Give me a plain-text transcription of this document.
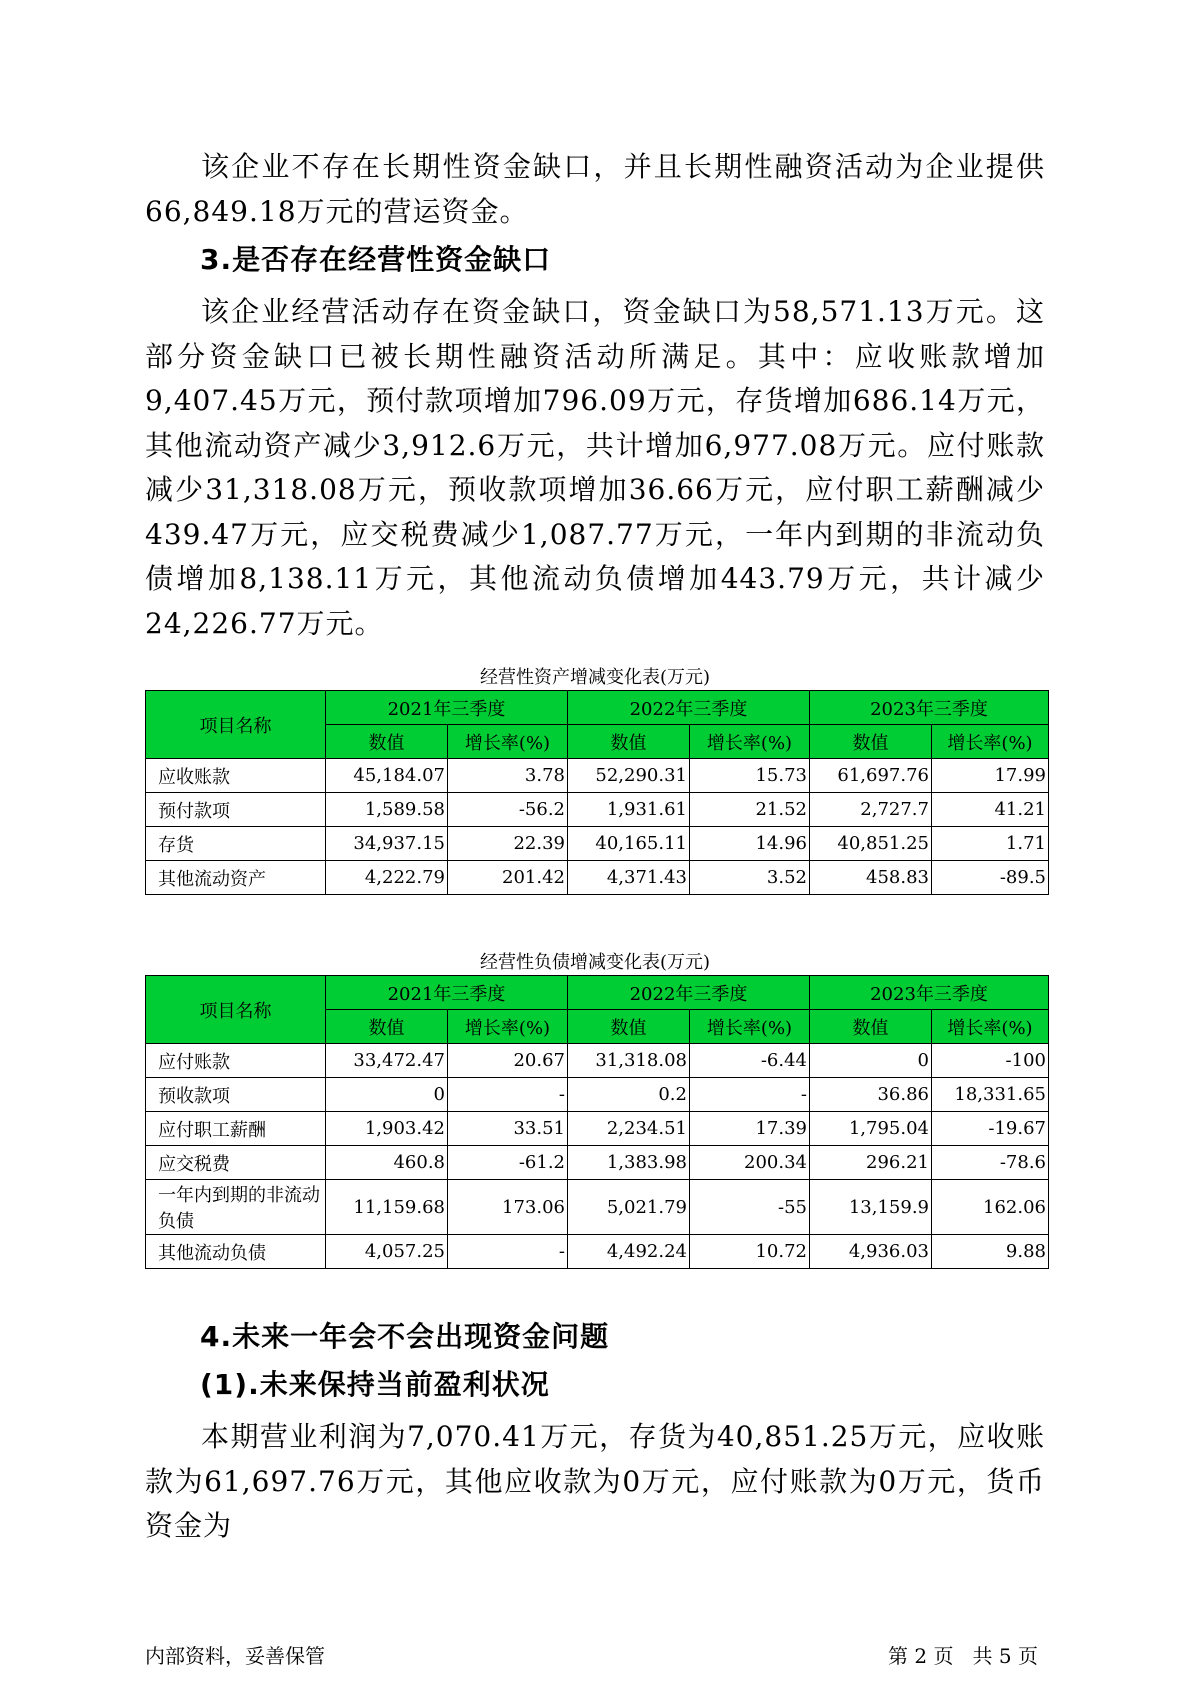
该企业不存在长期性资金缺口，并且长期性融资活动为企业提供66,849.18万元的营运资金。

3.是否存在经营性资金缺口

该企业经营活动存在资金缺口，资金缺口为58,571.13万元。这部分资金缺口已被长期性融资活动所满足。其中：应收账款增加9,407.45万元，预付款项增加796.09万元，存货增加686.14万元，其他流动资产减少3,912.6万元，共计增加6,977.08万元。应付账款减少31,318.08万元，预收款项增加36.66万元，应付职工薪酬减少439.47万元，应交税费减少1,087.77万元，一年内到期的非流动负债增加8,138.11万元，其他流动负债增加443.79万元，共计减少24,226.77万元。

经营性资产增减变化表(万元)
项目名称	2021年三季度		2022年三季度		2023年三季度	
	数值	增长率(%)	数值	增长率(%)	数值	增长率(%)
应收账款	45,184.07	3.78	52,290.31	15.73	61,697.76	17.99
预付款项	1,589.58	-56.2	1,931.61	21.52	2,727.7	41.21
存货	34,937.15	22.39	40,165.11	14.96	40,851.25	1.71
其他流动资产	4,222.79	201.42	4,371.43	3.52	458.83	-89.5
经营性负债增减变化表(万元)
项目名称	2021年三季度		2022年三季度		2023年三季度	
	数值	增长率(%)	数值	增长率(%)	数值	增长率(%)
应付账款	33,472.47	20.67	31,318.08	-6.44	0	-100
预收款项	0	-	0.2	-	36.86	18,331.65
应付职工薪酬	1,903.42	33.51	2,234.51	17.39	1,795.04	-19.67
应交税费	460.8	-61.2	1,383.98	200.34	296.21	-78.6
一年内到期的非流动负债	11,159.68	173.06	5,021.79	-55	13,159.9	162.06
其他流动负债	4,057.25	-	4,492.24	10.72	4,936.03	9.88
4.未来一年会不会出现资金问题
(1).未来保持当前盈利状况

本期营业利润为7,070.41万元，存货为40,851.25万元，应收账款为61,697.76万元，其他应收款为0万元，应付账款为0万元，货币资金为

内部资料，妥善保管	第 2 页   共 5 页
